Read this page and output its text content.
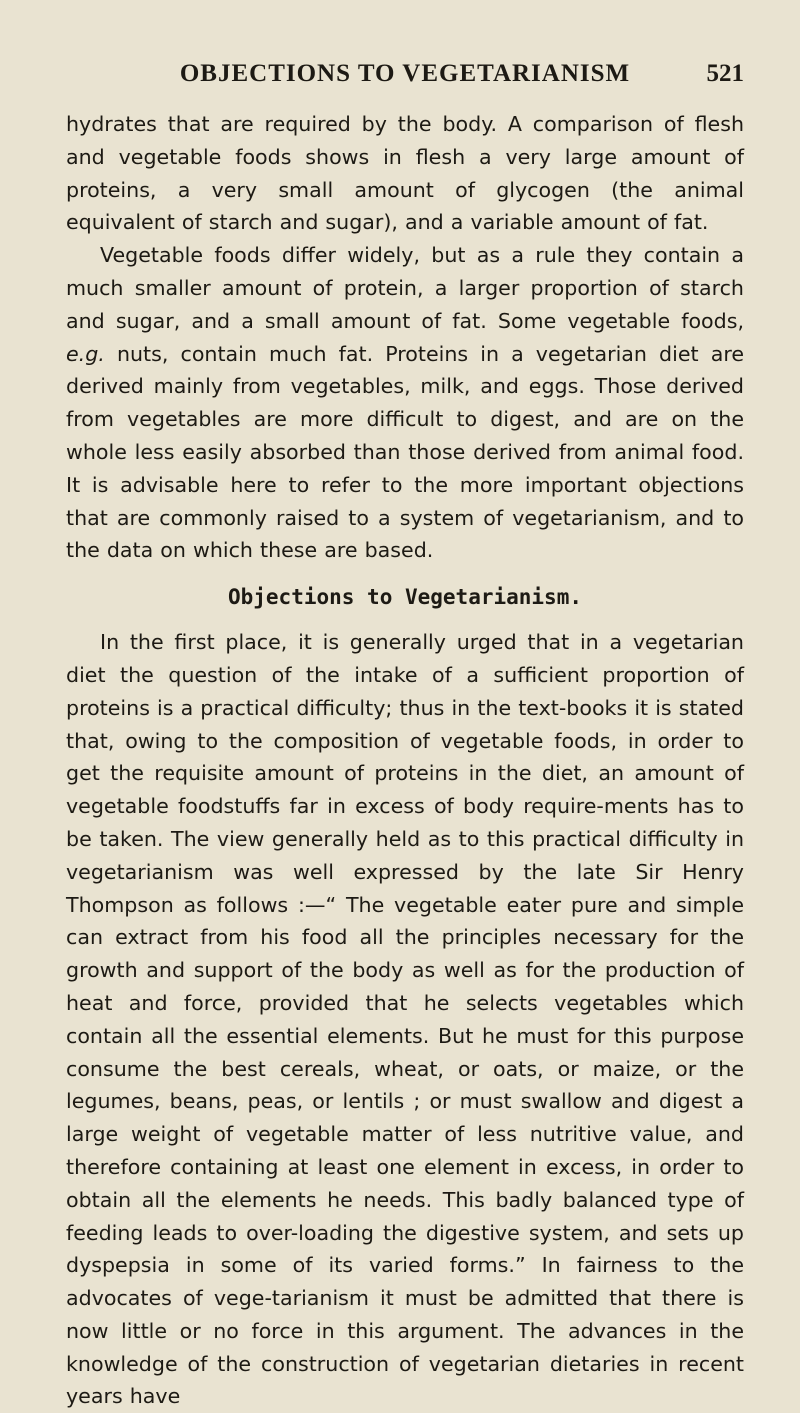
OBJECTIONS TO VEGETARIANISM	521

hydrates that are required by the body. A comparison of flesh and vegetable foods shows in flesh a very large amount of proteins, a very small amount of glycogen (the animal equivalent of starch and sugar), and a variable amount of fat.

Vegetable foods differ widely, but as a rule they contain a much smaller amount of protein, a larger proportion of starch and sugar, and a small amount of fat. Some vegetable foods, e.g. nuts, contain much fat. Proteins in a vegetarian diet are derived mainly from vegetables, milk, and eggs. Those derived from vegetables are more difficult to digest, and are on the whole less easily absorbed than those derived from animal food. It is advisable here to refer to the more important objections that are commonly raised to a system of vegetarianism, and to the data on which these are based.

Objections to Vegetarianism.

In the first place, it is generally urged that in a vegetarian diet the question of the intake of a sufficient proportion of proteins is a practical difficulty; thus in the text-books it is stated that, owing to the composition of vegetable foods, in order to get the requisite amount of proteins in the diet, an amount of vegetable foodstuffs far in excess of body require-ments has to be taken. The view generally held as to this practical difficulty in vegetarianism was well expressed by the late Sir Henry Thompson as follows :—“ The vegetable eater pure and simple can extract from his food all the principles necessary for the growth and support of the body as well as for the production of heat and force, provided that he selects vegetables which contain all the essential elements. But he must for this purpose consume the best cereals, wheat, or oats, or maize, or the legumes, beans, peas, or lentils ; or must swallow and digest a large weight of vegetable matter of less nutritive value, and therefore containing at least one element in excess, in order to obtain all the elements he needs. This badly balanced type of feeding leads to over-loading the digestive system, and sets up dyspepsia in some of its varied forms.” In fairness to the advocates of vege-tarianism it must be admitted that there is now little or no force in this argument. The advances in the knowledge of the construction of vegetarian dietaries in recent years have
